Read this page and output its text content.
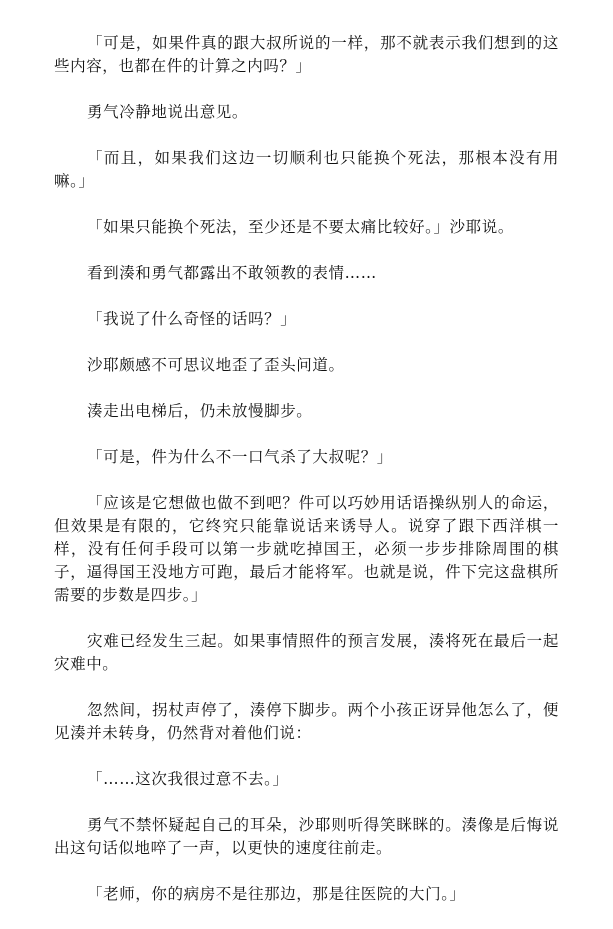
「可是，如果件真的跟大叔所说的一样，那不就表示我们想到的这些内容，也都在件的计算之内吗？」

勇气冷静地说出意见。

「而且，如果我们这边一切顺利也只能换个死法，那根本没有用嘛。」

「如果只能换个死法，至少还是不要太痛比较好。」沙耶说。

看到湊和勇气都露出不敢领教的表情……

「我说了什么奇怪的话吗？」

沙耶颇感不可思议地歪了歪头问道。

湊走出电梯后，仍未放慢脚步。

「可是，件为什么不一口气杀了大叔呢？」

「应该是它想做也做不到吧？件可以巧妙用话语操纵别人的命运，但效果是有限的，它终究只能靠说话来诱导人。说穿了跟下西洋棋一样，没有任何手段可以第一步就吃掉国王，必须一步步排除周围的棋子，逼得国王没地方可跑，最后才能将军。也就是说，件下完这盘棋所需要的步数是四步。」

灾难已经发生三起。如果事情照件的预言发展，湊将死在最后一起灾难中。

忽然间，拐杖声停了，湊停下脚步。两个小孩正讶异他怎么了，便见湊并未转身，仍然背对着他们说：

「……这次我很过意不去。」

勇气不禁怀疑起自己的耳朵，沙耶则听得笑眯眯的。湊像是后悔说出这句话似地啐了一声，以更快的速度往前走。

「老师，你的病房不是往那边，那是往医院的大门。」
